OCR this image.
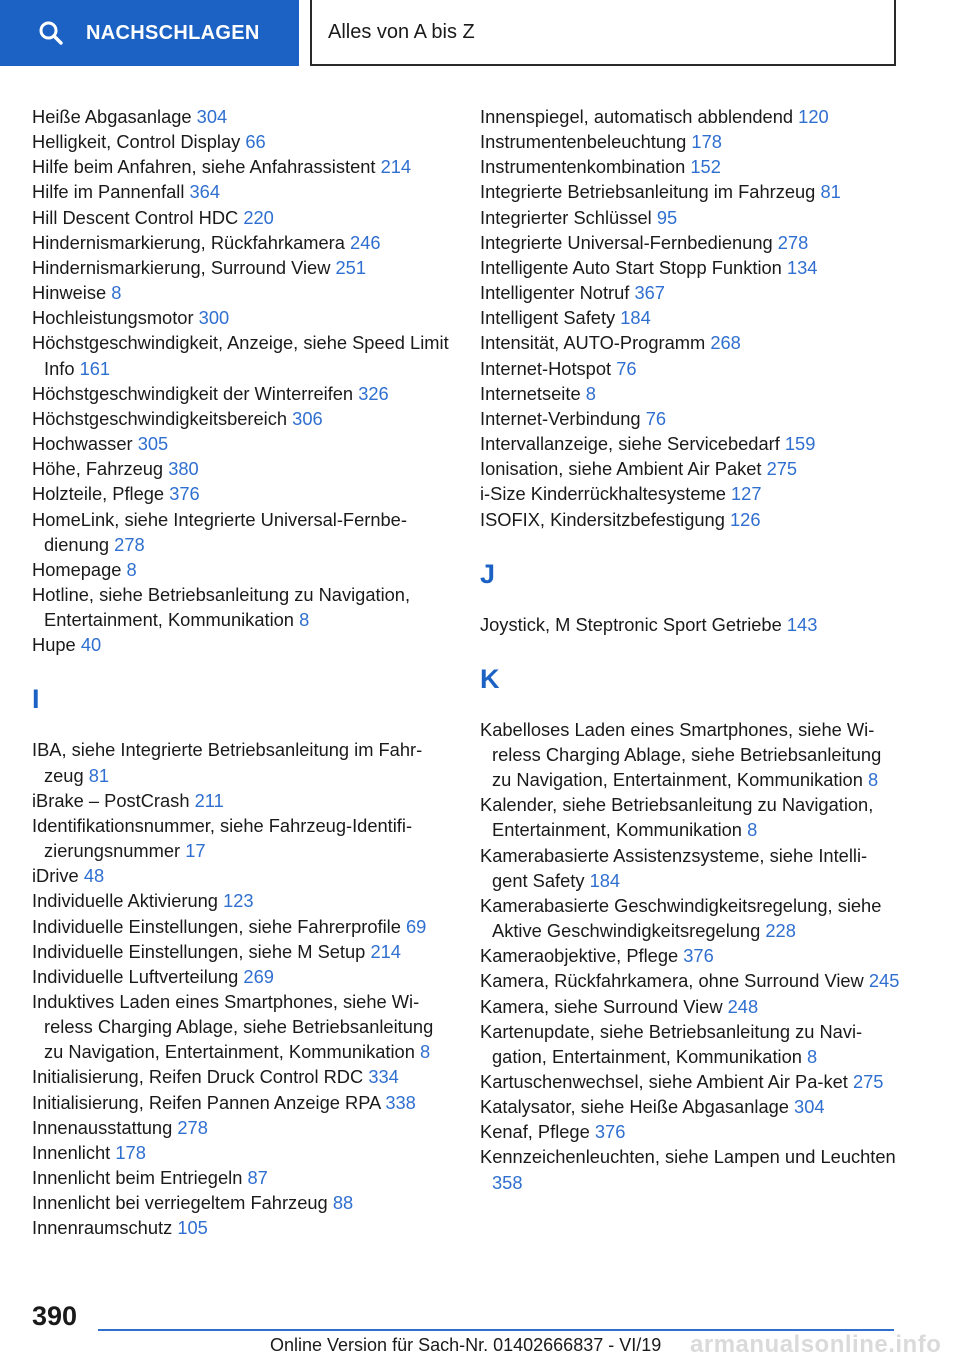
NACHSCHLAGEN	Alles von A bis Z
Heiße Abgasanlage 304
Helligkeit, Control Display 66
Hilfe beim Anfahren, siehe Anfahrassistent 214
Hilfe im Pannenfall 364
Hill Descent Control HDC 220
Hindernismarkierung, Rückfahrkamera 246
Hindernismarkierung, Surround View 251
Hinweise 8
Hochleistungsmotor 300
Höchstgeschwindigkeit, Anzeige, siehe Speed Limit Info 161
Höchstgeschwindigkeit der Winterreifen 326
Höchstgeschwindigkeitsbereich 306
Hochwasser 305
Höhe, Fahrzeug 380
Holzteile, Pflege 376
HomeLink, siehe Integrierte Universal-Fernbe-dienung 278
Homepage 8
Hotline, siehe Betriebsanleitung zu Navigation, Entertainment, Kommunikation 8
Hupe 40
I
IBA, siehe Integrierte Betriebsanleitung im Fahr-zeug 81
iBrake – PostCrash 211
Identifikationsnummer, siehe Fahrzeug-Identifi-zierungsnummer 17
iDrive 48
Individuelle Aktivierung 123
Individuelle Einstellungen, siehe Fahrerprofile 69
Individuelle Einstellungen, siehe M Setup 214
Individuelle Luftverteilung 269
Induktives Laden eines Smartphones, siehe Wi-reless Charging Ablage, siehe Betriebsanleitung zu Navigation, Entertainment, Kommunikation 8
Initialisierung, Reifen Druck Control RDC 334
Initialisierung, Reifen Pannen Anzeige RPA 338
Innenausstattung 278
Innenlicht 178
Innenlicht beim Entriegeln 87
Innenlicht bei verriegeltem Fahrzeug 88
Innenraumschutz 105
Innenspiegel, automatisch abblendend 120
Instrumentenbeleuchtung 178
Instrumentenkombination 152
Integrierte Betriebsanleitung im Fahrzeug 81
Integrierter Schlüssel 95
Integrierte Universal-Fernbedienung 278
Intelligente Auto Start Stopp Funktion 134
Intelligenter Notruf 367
Intelligent Safety 184
Intensität, AUTO-Programm 268
Internet-Hotspot 76
Internetseite 8
Internet-Verbindung 76
Intervallanzeige, siehe Servicebedarf 159
Ionisation, siehe Ambient Air Paket 275
i-Size Kinderrückhaltesysteme 127
ISOFIX, Kindersitzbefestigung 126
J
Joystick, M Steptronic Sport Getriebe 143
K
Kabelloses Laden eines Smartphones, siehe Wi-reless Charging Ablage, siehe Betriebsanleitung zu Navigation, Entertainment, Kommunikation 8
Kalender, siehe Betriebsanleitung zu Navigation, Entertainment, Kommunikation 8
Kamerabasierte Assistenzsysteme, siehe Intelli-gent Safety 184
Kamerabasierte Geschwindigkeitsregelung, siehe Aktive Geschwindigkeitsregelung 228
Kameraobjektive, Pflege 376
Kamera, Rückfahrkamera, ohne Surround View 245
Kamera, siehe Surround View 248
Kartenupdate, siehe Betriebsanleitung zu Navi-gation, Entertainment, Kommunikation 8
Kartuschenwechsel, siehe Ambient Air Pa-ket 275
Katalysator, siehe Heiße Abgasanlage 304
Kenaf, Pflege 376
Kennzeichenleuchten, siehe Lampen und Leuchten 358
390
Online Version für Sach-Nr. 01402666837 - VI/19 armanualsonline.info
